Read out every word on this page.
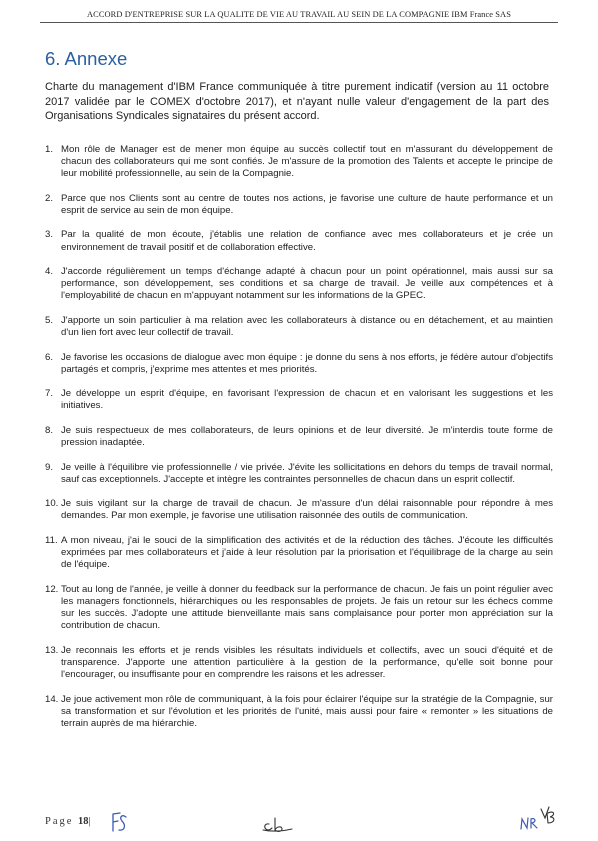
ACCORD D'ENTREPRISE SUR LA QUALITE DE VIE AU TRAVAIL AU SEIN DE LA COMPAGNIE IBM France SAS
6. Annexe

Charte du management d'IBM France communiquée à titre purement indicatif (version au 11 octobre 2017 validée par le COMEX d'octobre 2017), et n'ayant nulle valeur d'engagement de la part des Organisations Syndicales signataires du présent accord.

1. Mon rôle de Manager est de mener mon équipe au succès collectif tout en m'assurant du développement de chacun des collaborateurs qui me sont confiés. Je m'assure de la promotion des Talents et accepte le principe de leur mobilité professionnelle, au sein de la Compagnie.
2. Parce que nos Clients sont au centre de toutes nos actions, je favorise une culture de haute performance et un esprit de service au sein de mon équipe.
3. Par la qualité de mon écoute, j'établis une relation de confiance avec mes collaborateurs et je crée un environnement de travail positif et de collaboration effective.
4. J'accorde régulièrement un temps d'échange adapté à chacun pour un point opérationnel, mais aussi sur sa performance, son développement, ses conditions et sa charge de travail. Je veille aux compétences et à l'employabilité de chacun en m'appuyant notamment sur les informations de la GPEC.
5. J'apporte un soin particulier à ma relation avec les collaborateurs à distance ou en détachement, et au maintien d'un lien fort avec leur collectif de travail.
6. Je favorise les occasions de dialogue avec mon équipe : je donne du sens à nos efforts, je fédère autour d'objectifs partagés et compris, j'exprime mes attentes et mes priorités.
7. Je développe un esprit d'équipe, en favorisant l'expression de chacun et en valorisant les suggestions et les initiatives.
8. Je suis respectueux de mes collaborateurs, de leurs opinions et de leur diversité. Je m'interdis toute forme de pression inadaptée.
9. Je veille à l'équilibre vie professionnelle / vie privée. J'évite les sollicitations en dehors du temps de travail normal, sauf cas exceptionnels. J'accepte et intègre les contraintes personnelles de chacun dans un esprit collectif.
10. Je suis vigilant sur la charge de travail de chacun. Je m'assure d'un délai raisonnable pour répondre à mes demandes. Par mon exemple, je favorise une utilisation raisonnée des outils de communication.
11. A mon niveau, j'ai le souci de la simplification des activités et de la réduction des tâches. J'écoute les difficultés exprimées par mes collaborateurs et j'aide à leur résolution par la priorisation et l'équilibrage de la charge au sein de l'équipe.
12. Tout au long de l'année, je veille à donner du feedback sur la performance de chacun. Je fais un point régulier avec les managers fonctionnels, hiérarchiques ou les responsables de projets. Je fais un retour sur les échecs comme sur les succès. J'adopte une attitude bienveillante mais sans complaisance pour porter mon appréciation sur la contribution de chacun.
13. Je reconnais les efforts et je rends visibles les résultats individuels et collectifs, avec un souci d'équité et de transparence. J'apporte une attention particulière à la gestion de la performance, qu'elle soit bonne pour l'encourager, ou insuffisante pour en comprendre les raisons et les adresser.
14. Je joue activement mon rôle de communiquant, à la fois pour éclairer l'équipe sur la stratégie de la Compagnie, sur sa transformation et sur l'évolution et les priorités de l'unité, mais aussi pour faire « remonter » les situations de terrain auprès de ma hiérarchie.
Page 18|
